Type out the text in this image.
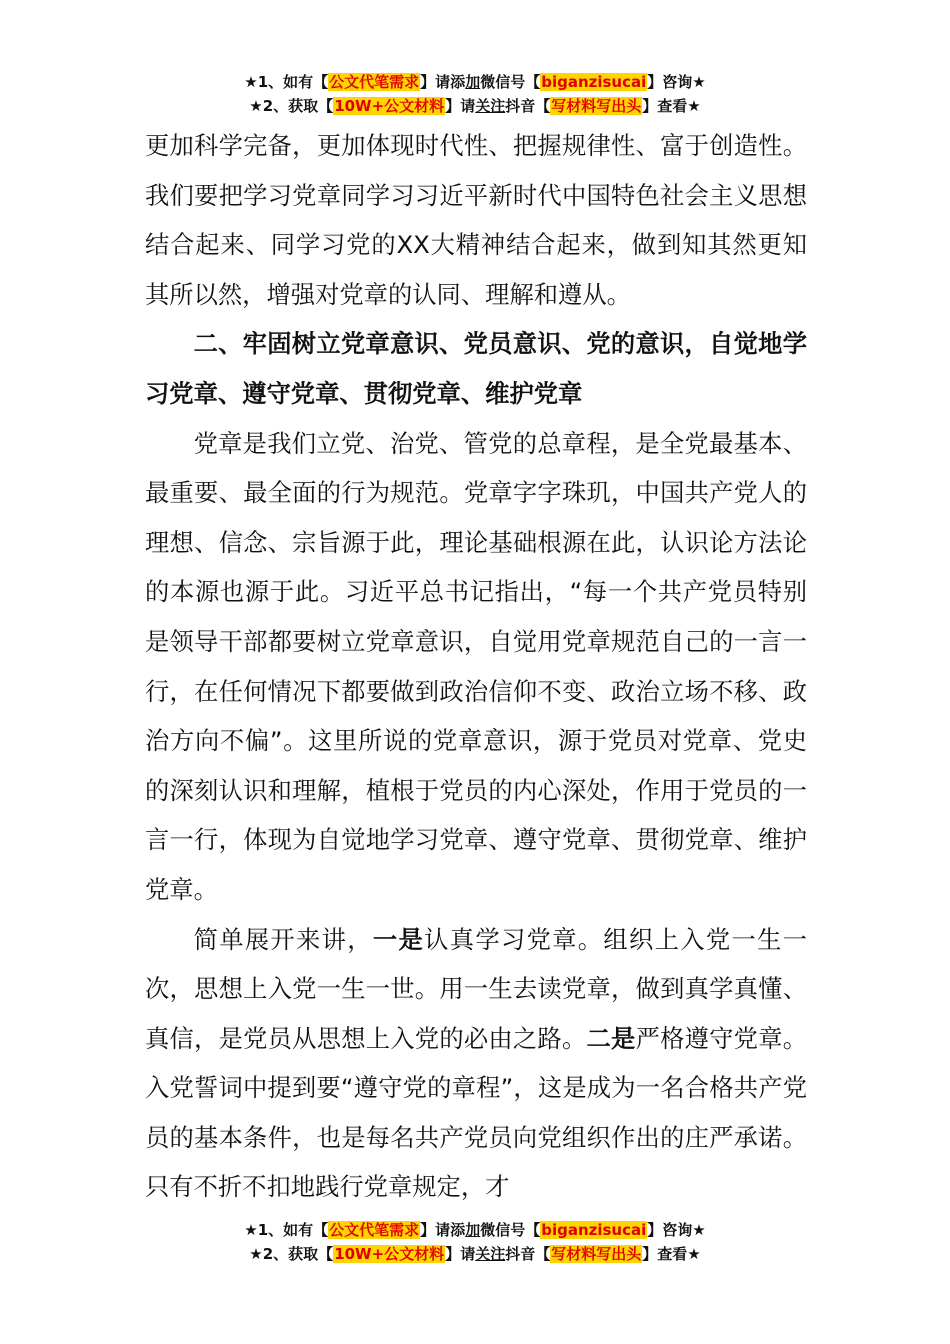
★1、如有【公文代笔需求】请添加微信号【biganzisucai】咨询★
★2、获取【10W+公文材料】请关注抖音【写材料写出头】查看★

更加科学完备，更加体现时代性、把握规律性、富于创造性。我们要把学习党章同学习习近平新时代中国特色社会主义思想结合起来、同学习党的XX大精神结合起来，做到知其然更知其所以然，增强对党章的认同、理解和遵从。

二、牢固树立党章意识、党员意识、党的意识，自觉地学习党章、遵守党章、贯彻党章、维护党章

党章是我们立党、治党、管党的总章程，是全党最基本、最重要、最全面的行为规范。党章字字珠玑，中国共产党人的理想、信念、宗旨源于此，理论基础根源在此，认识论方法论的本源也源于此。习近平总书记指出，“每一个共产党员特别是领导干部都要树立党章意识，自觉用党章规范自己的一言一行，在任何情况下都要做到政治信仰不变、政治立场不移、政治方向不偏”。这里所说的党章意识，源于党员对党章、党史的深刻认识和理解，植根于党员的内心深处，作用于党员的一言一行，体现为自觉地学习党章、遵守党章、贯彻党章、维护党章。

简单展开来讲，一是认真学习党章。组织上入党一生一次，思想上入党一生一世。用一生去读党章，做到真学真懂、真信，是党员从思想上入党的必由之路。二是严格遵守党章。入党誓词中提到要“遵守党的章程”，这是成为一名合格共产党员的基本条件，也是每名共产党员向党组织作出的庄严承诺。只有不折不扣地践行党章规定，才

★1、如有【公文代笔需求】请添加微信号【biganzisucai】咨询★
★2、获取【10W+公文材料】请关注抖音【写材料写出头】查看★
